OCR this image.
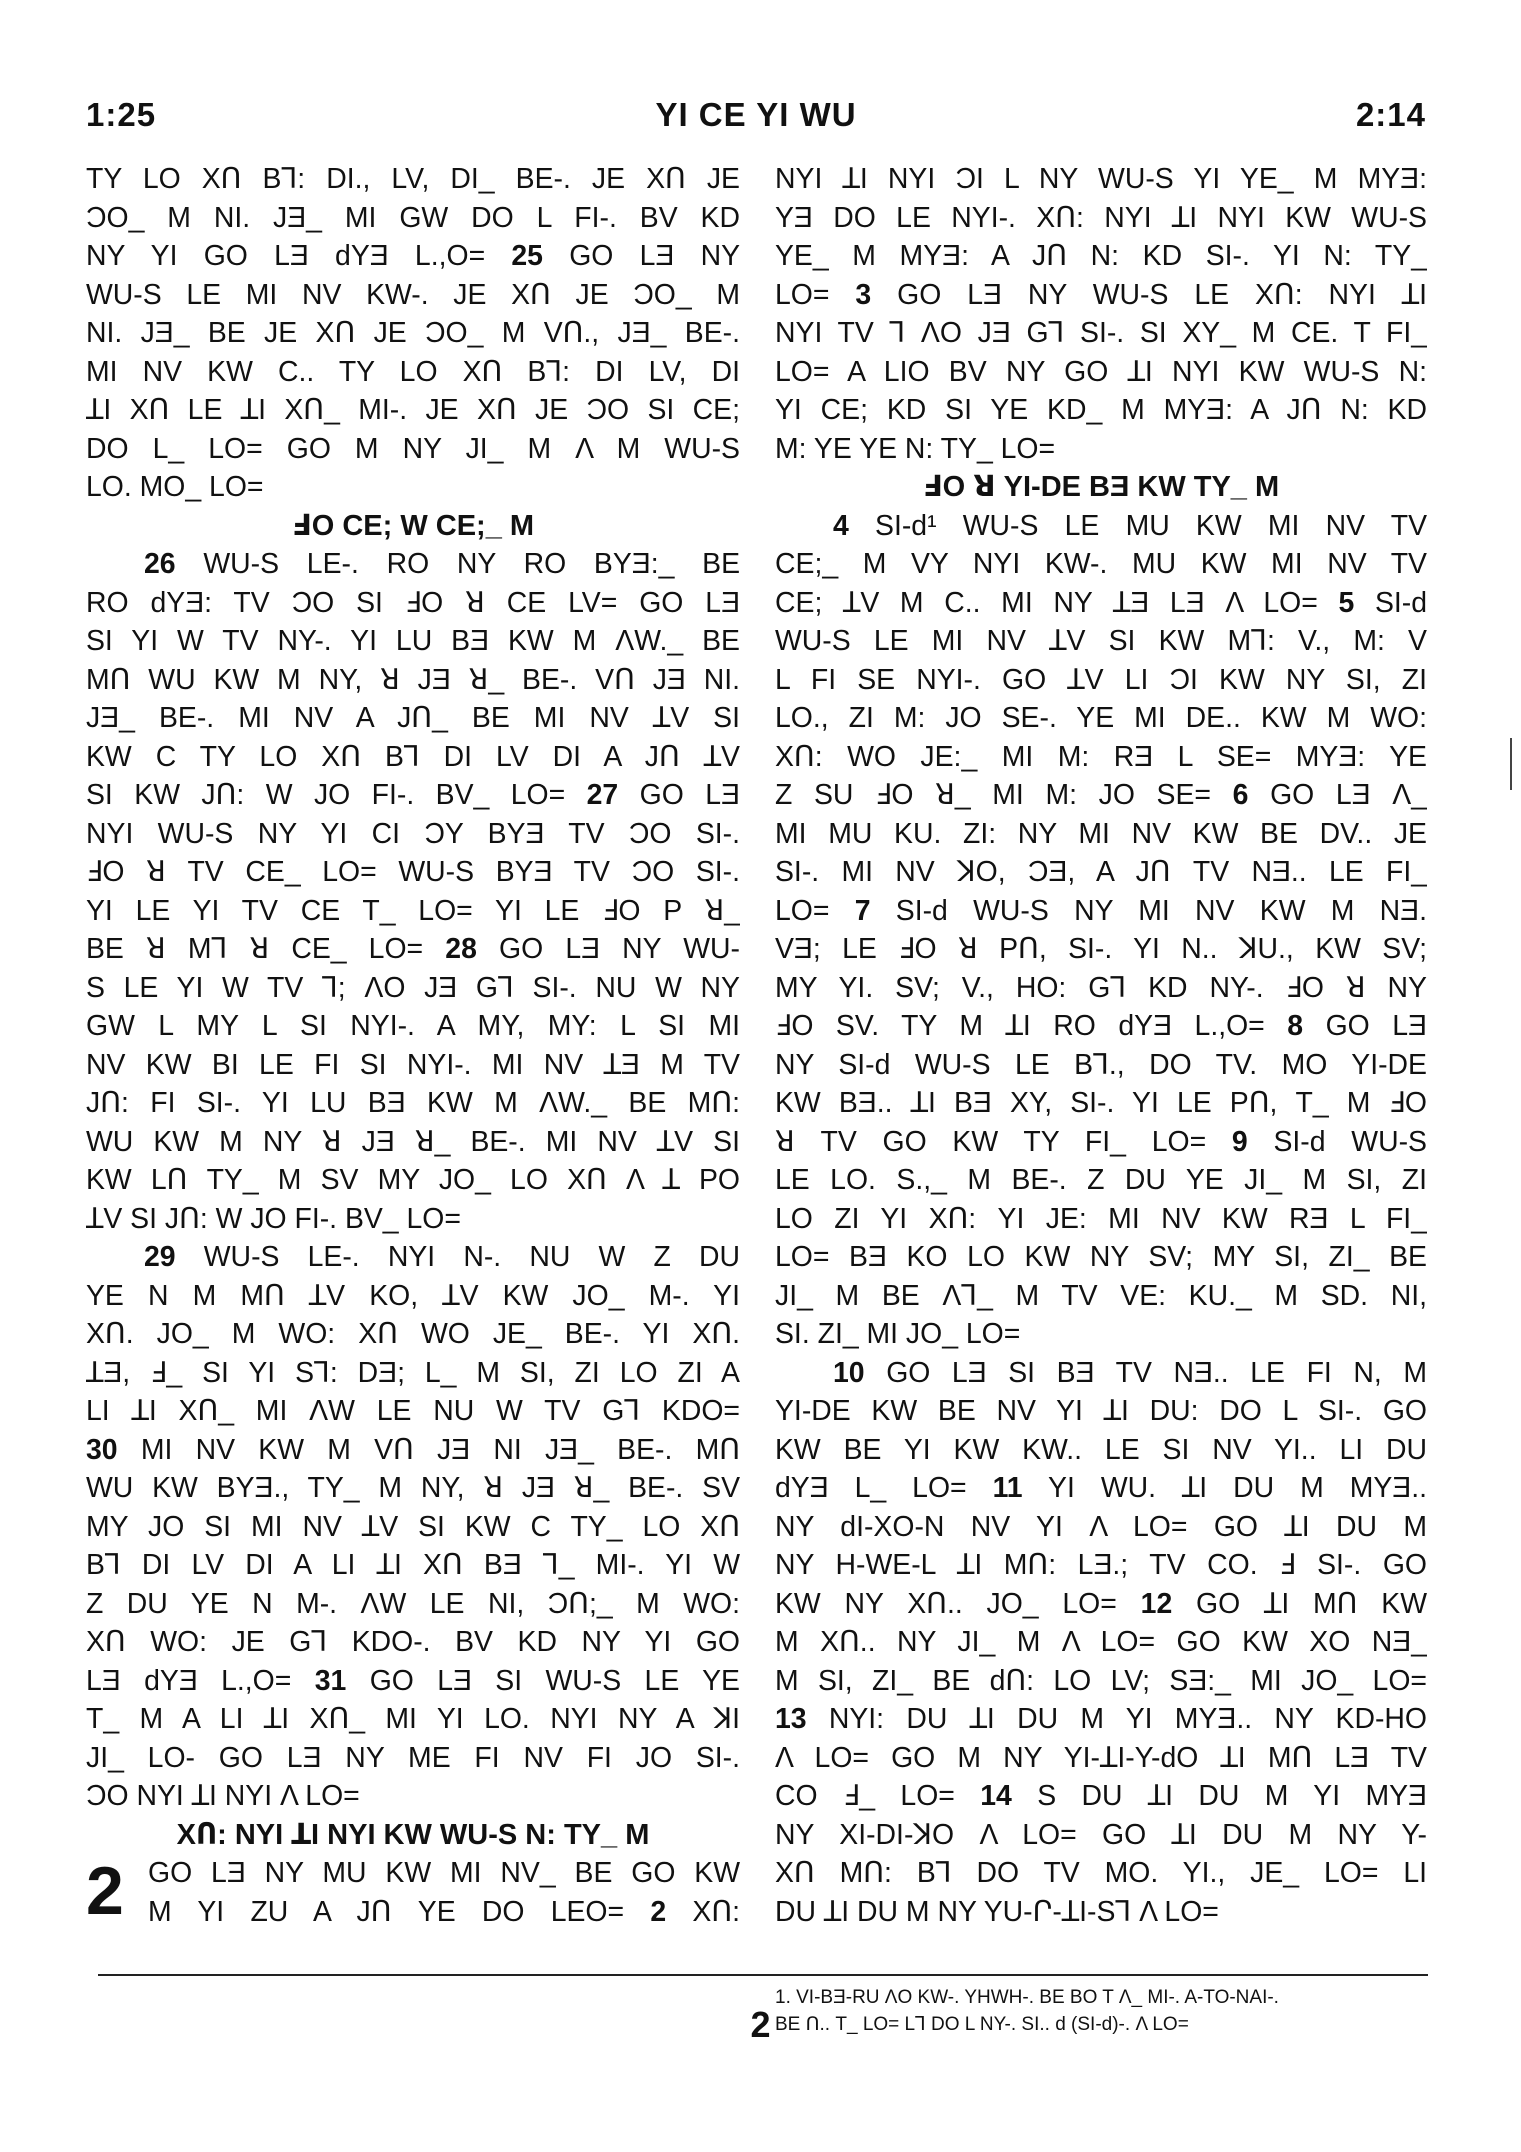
YI CE YI WU
1:25	2:14
TY LO XՈ Bꓶ: DI., LV, DI_ BE-. JE XՈ JE
ƆO_ M NI. JƎ_ MI GW DO L FI-. BV KD
NY YI GO LƎ dYƎ L.,O= 25 GO LƎ NY
WU-S LE MI NV KW-. JE XՈ JE ƆO_ M
NI. JƎ_ BE JE XՈ JE ƆO_ M VՈ., JƎ_ BE-.
MI NV KW C.. TY LO XՈ Bꓶ: DI LV, DI
ꓕI XՈ LE ꓕI XՈ_ MI-. JE XՈ JE ƆO SI CE;
DO L_ LO= GO M NY JI_ M Λ M WU-S
LO. MO_ LO=
ꓞO CE; W CE;_ M
26 WU-S LE-. RO NY RO BYƎ:_ BE
RO dYƎ: TV ƆO SI ꓞO ꓤ CE LV= GO LƎ
SI YI W TV NY-. YI LU BƎ KW M ΛW._ BE
MՈ WU KW M NY, ꓤ JƎ ꓤ_ BE-. VՈ JƎ NI.
JƎ_ BE-. MI NV A JՈ_ BE MI NV ꓕV SI
KW C TY LO XՈ Bꓶ DI LV DI A JՈ ꓕV
SI KW JՈ: W JO FI-. BV_ LO= 27 GO LƎ
NYI WU-S NY YI CI ƆY BYƎ TV ƆO SI-.
ꓞO ꓤ TV CE_ LO= WU-S BYƎ TV ƆO SI-.
YI LE YI TV CE T_ LO= YI LE ꓞO P ꓤ_
BE ꓤ Mꓶ ꓤ CE_ LO= 28 GO LƎ NY WU-
S LE YI W TV ꓶ; ΛO JƎ Gꓶ SI-. NU W NY
GW L MY L SI NYI-. A MY, MY: L SI MI
NV KW BI LE FI SI NYI-. MI NV ꓕƎ M TV
JՈ: FI SI-. YI LU BƎ KW M ΛW._ BE MՈ:
WU KW M NY ꓤ JƎ ꓤ_ BE-. MI NV ꓕV SI
KW LՈ TY_ M SV MY JO_ LO XՈ Λ ꓕ PO
ꓕV SI JՈ: W JO FI-. BV_ LO=
29 WU-S LE-. NYI N-. NU W Z DU
YE N M MՈ ꓕV KO, ꓕV KW JO_ M-. YI
XՈ. JO_ M WO: XՈ WO JE_ BE-. YI XՈ.
ꓕƎ, ꓞ_ SI YI Sꓶ: DƎ; L_ M SI, ZI LO ZI A
LI ꓕI XՈ_ MI ΛW LE NU W TV Gꓶ KDO=
30 MI NV KW M VՈ JƎ NI JƎ_ BE-. MՈ
WU KW BYƎ., TY_ M NY, ꓤ JƎ ꓤ_ BE-. SV
MY JO SI MI NV ꓕV SI KW C TY_ LO XՈ
Bꓶ DI LV DI A LI ꓕI XՈ BƎ ꓶ_ MI-. YI W
Z DU YE N M-. ΛW LE NI, ƆՈ;_ M WO:
XՈ WO: JE Gꓶ KDO-. BV KD NY YI GO
LƎ dYƎ L.,O= 31 GO LƎ SI WU-S LE YE
T_ M A LI ꓕI XՈ_ MI YI LO. NYI NY A ꓘI
JI_ LO- GO LƎ NY ME FI NV FI JO SI-.
ƆO NYI ꓕI NYI Λ LO=
XՈ: NYI ꓕI NYI KW WU-S N: TY_ M
2 GO LƎ NY MU KW MI NV_ BE GO KW
M YI ZU A JՈ YE DO LEO= 2 XՈ:
NYI ꓕI NYI ƆI L NY WU-S YI YE_ M MYƎ:
YƎ DO LE NYI-. XՈ: NYI ꓕI NYI KW WU-S
YE_ M MYƎ: A JՈ N: KD SI-. YI N: TY_
LO= 3 GO LƎ NY WU-S LE XՈ: NYI ꓕI
NYI TV ꓶ ΛO JƎ Gꓶ SI-. SI XY_ M CE. T FI_
LO= A LIO BV NY GO ꓕI NYI KW WU-S N:
YI CE; KD SI YE KD_ M MYƎ: A JՈ N: KD
M: YE YE N: TY_ LO=
ꓞO ꓤ YI-DE BƎ KW TY_ M
4 SI-d¹ WU-S LE MU KW MI NV TV
CE;_ M VY NYI KW-. MU KW MI NV TV
CE; ꓕV M C.. MI NY ꓕƎ LƎ Λ LO= 5 SI-d
WU-S LE MI NV ꓕV SI KW Mꓶ: V., M: V
L FI SE NYI-. GO ꓕV LI ƆI KW NY SI, ZI
LO., ZI M: JO SE-. YE MI DE.. KW M WO:
XՈ: WO JE:_ MI M: RƎ L SE= MYƎ: YE
Z SU ꓞO ꓤ_ MI M: JO SE= 6 GO LƎ Λ_
MI MU KU. ZI: NY MI NV KW BE DV.. JE
SI-. MI NV ꓘO, ƆƎ, A JՈ TV NƎ.. LE FI_
LO= 7 SI-d WU-S NY MI NV KW M NƎ.
VƎ; LE ꓞO ꓤ PՈ, SI-. YI N.. ꓘU., KW SV;
MY YI. SV; V., HO: Gꓶ KD NY-. ꓞO ꓤ NY
ꓞO SV. TY M ꓕI RO dYƎ L.,O= 8 GO LƎ
NY SI-d WU-S LE Bꓶ., DO TV. MO YI-DE
KW BƎ.. ꓕI BƎ XY, SI-. YI LE PՈ, T_ M ꓞO
ꓤ TV GO KW TY FI_ LO= 9 SI-d WU-S
LE LO. S.,_ M BE-. Z DU YE JI_ M SI, ZI
LO ZI YI XՈ: YI JE: MI NV KW RƎ L FI_
LO= BƎ KO LO KW NY SV; MY SI, ZI_ BE
JI_ M BE Λꓶ_ M TV VE: KU._ M SD. NI,
SI. ZI_ MI JO_ LO=
10 GO LƎ SI BƎ TV NƎ.. LE FI N, M
YI-DE KW BE NV YI ꓕI DU: DO L SI-. GO
KW BE YI KW KW.. LE SI NV YI.. LI DU
dYƎ L_ LO= 11 YI WU. ꓕI DU M MYƎ..
NY dI-XO-N NV YI Λ LO= GO ꓕI DU M
NY H-WE-L ꓕI MՈ: LƎ.; TV CO. ꓞ SI-. GO
KW NY XՈ.. JO_ LO= 12 GO ꓕI MՈ KW
M XՈ.. NY JI_ M Λ LO= GO KW XO NƎ_
M SI, ZI_ BE dՈ: LO LV; SƎ:_ MI JO_ LO=
13 NYI: DU ꓕI DU M YI MYƎ.. NY KD-HO
Λ LO= GO M NY YI-ꓕI-Y-dO ꓕI MՈ LƎ TV
CO ꓞ_ LO= 14 S DU ꓕI DU M YI MYƎ
NY XI-DI-ꓘO Λ LO= GO ꓕI DU M NY Y-
XՈ MՈ: Bꓶ DO TV MO. YI., JE_ LO= LI
DU ꓕI DU M NY YU-Ր-ꓕI-Sꓶ Λ LO=
1. VI-BƎ-RU ΛO KW-. YHWH-. BE BO T Λ_ MI-. A-TO-NAI-.
BE Ո.. T_ LO= Lꓶ DO L NY-. SI.. d (SI-d)-. Λ LO=
2
